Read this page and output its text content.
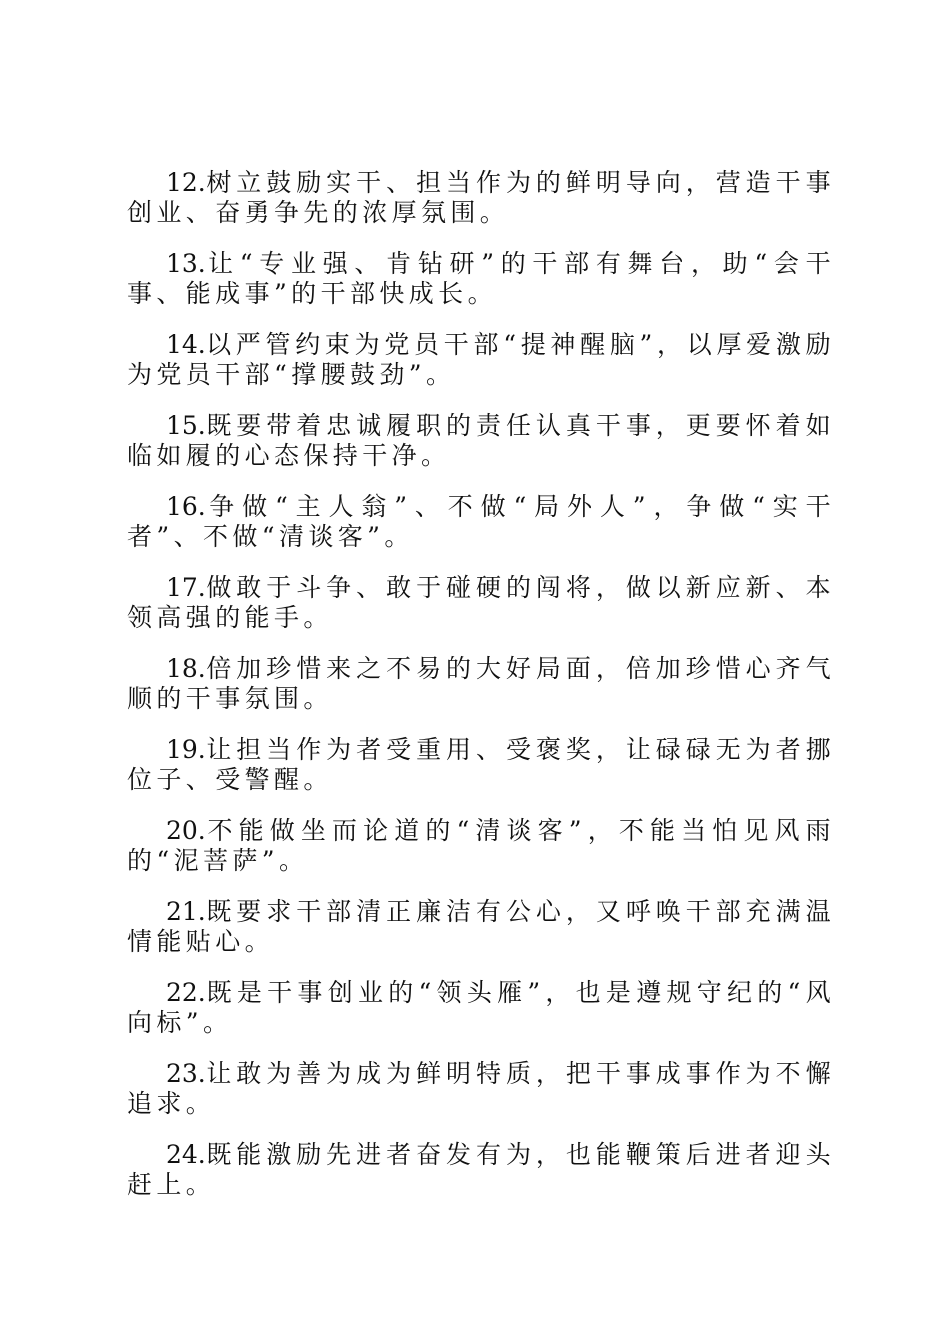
12.树立鼓励实干、担当作为的鲜明导向，营造干事创业、奋勇争先的浓厚氛围。

13.让“专业强、肯钻研”的干部有舞台，助“会干事、能成事”的干部快成长。

14.以严管约束为党员干部“提神醒脑”，以厚爱激励为党员干部“撑腰鼓劲”。

15.既要带着忠诚履职的责任认真干事，更要怀着如临如履的心态保持干净。

16.争做“主人翁”、不做“局外人”，争做“实干者”、不做“清谈客”。

17.做敢于斗争、敢于碰硬的闯将，做以新应新、本领高强的能手。

18.倍加珍惜来之不易的大好局面，倍加珍惜心齐气顺的干事氛围。

19.让担当作为者受重用、受褒奖，让碌碌无为者挪位子、受警醒。

20.不能做坐而论道的“清谈客”，不能当怕见风雨的“泥菩萨”。

21.既要求干部清正廉洁有公心，又呼唤干部充满温情能贴心。

22.既是干事创业的“领头雁”，也是遵规守纪的“风向标”。

23.让敢为善为成为鲜明特质，把干事成事作为不懈追求。

24.既能激励先进者奋发有为，也能鞭策后进者迎头赶上。
